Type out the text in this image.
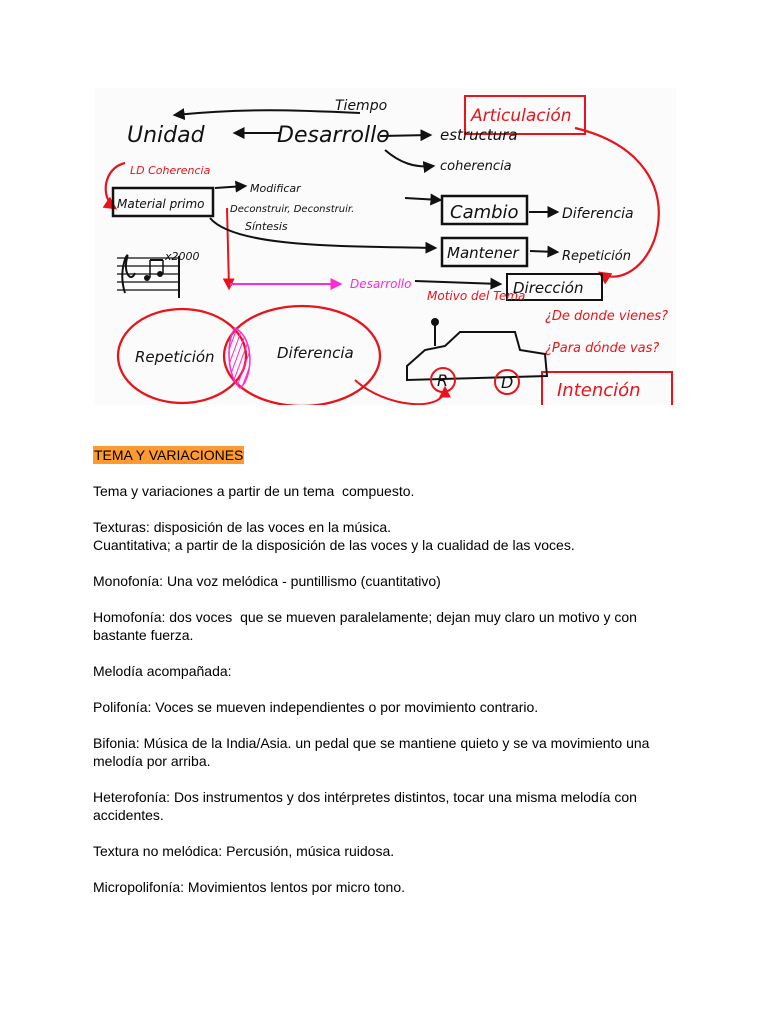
Tiempo
Unidad	Desarrollo	estructura
coherencia
Material primo
Modificar
Deconstruir, Deconstruir.
Síntesis
Cambio	Diferencia
Mantener	Repetición
Dirección
Repetición	Diferencia
x2000
R	D
Articulación
LD Coherencia
Motivo del Tema
¿De donde vienes?
¿Para dónde vas?
Intención
Desarrollo
TEMA Y VARIACIONES

Tema y variaciones a partir de un tema  compuesto.

Texturas: disposición de las voces en la música.
Cuantitativa; a partir de la disposición de las voces y la cualidad de las voces.

Monofonía: Una voz melódica - puntillismo (cuantitativo)

Homofonía: dos voces  que se mueven paralelamente; dejan muy claro un motivo y con bastante fuerza.

Melodía acompañada:

Polifonía: Voces se mueven independientes o por movimiento contrario.

Bifonia: Música de la India/Asia. un pedal que se mantiene quieto y se va movimiento una melodía por arriba.

Heterofonía: Dos instrumentos y dos intérpretes distintos, tocar una misma melodía con accidentes.

Textura no melódica: Percusión, música ruidosa.

Micropolifonía: Movimientos lentos por micro tono.
